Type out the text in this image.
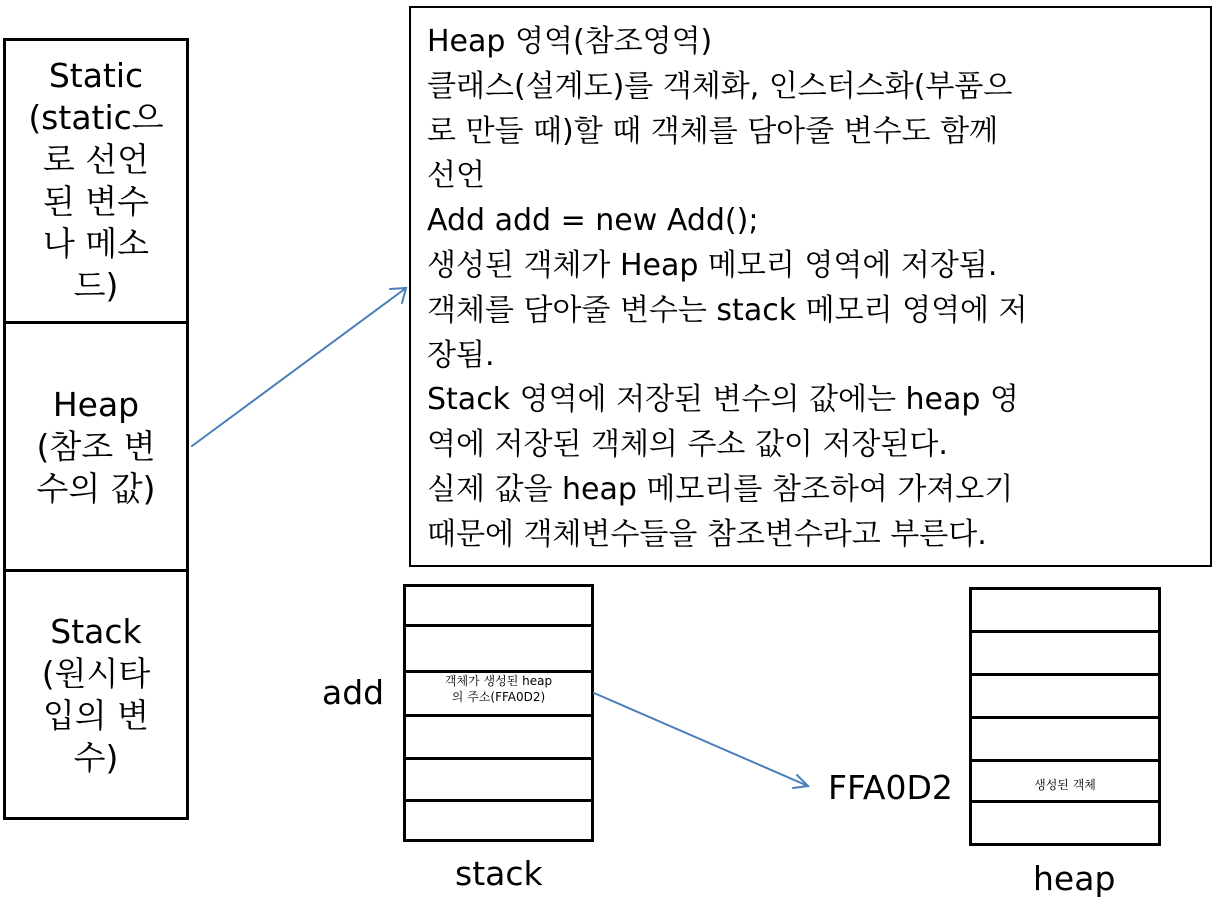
Static
(static으
로 선언
된 변수
나 메소
드)
Heap
(참조 변
수의 값)
Stack
(원시타
입의 변
수)
Heap 영역(참조영역)
클래스(설계도)를 객체화, 인스터스화(부품으
로 만들 때)할 때 객체를 담아줄 변수도 함께
선언
Add add = new Add();
생성된 객체가 Heap 메모리 영역에 저장됨.
객체를 담아줄 변수는 stack 메모리 영역에 저
장됨.
Stack 영역에 저장된 변수의 값에는 heap 영
역에 저장된 객체의 주소 값이 저장된다.
실제 값을 heap 메모리를 참조하여 가져오기
때문에 객체변수들을 참조변수라고 부른다.
객체가 생성된 heap
의 주소(FFA0D2)
생성된 객체
add
FFA0D2
stack	heap
